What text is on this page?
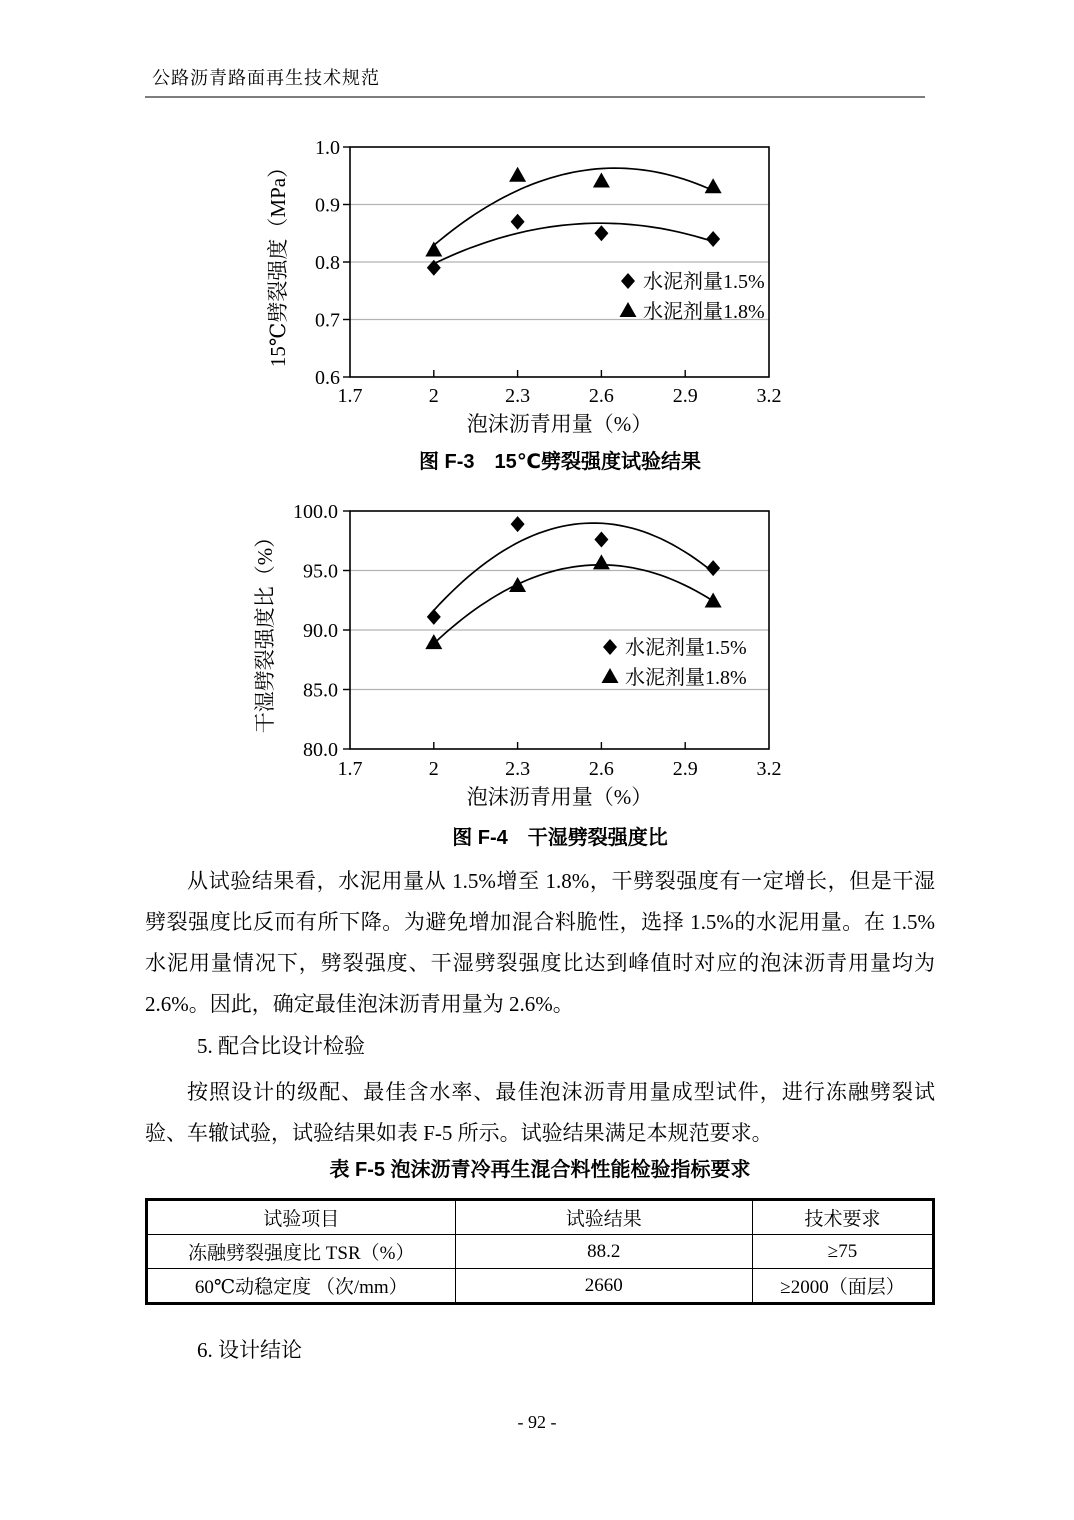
公路沥青路面再生技术规范
0.6
0.7
0.8
0.9
1.0
1.7	2	2.3	2.6	2.9	3.2
泡沫沥青用量（%）
15℃劈裂强度（MPa）	水泥剂量1.5%
水泥剂量1.8%
图 F-3　15℃劈裂强度试验结果
80.0
85.0
90.0
95.0
100.0
1.7	2	2.3	2.6	2.9	3.2
泡沫沥青用量（%）
干湿劈裂强度比（%）	水泥剂量1.5%
水泥剂量1.8%
图 F-4　干湿劈裂强度比
从试验结果看，水泥用量从 1.5%增至 1.8%，干劈裂强度有一定增长，但是干湿劈裂强度比反而有所下降。为避免增加混合料脆性，选择 1.5%的水泥用量。在 1.5%水泥用量情况下，劈裂强度、干湿劈裂强度比达到峰值时对应的泡沫沥青用量均为 2.6%。因此，确定最佳泡沫沥青用量为 2.6%。
5. 配合比设计检验
按照设计的级配、最佳含水率、最佳泡沫沥青用量成型试件，进行冻融劈裂试验、车辙试验，试验结果如表 F-5 所示。试验结果满足本规范要求。
表 F-5 泡沫沥青冷再生混合料性能检验指标要求
试验项目	试验结果	技术要求
冻融劈裂强度比 TSR（%）	88.2	≥75
60℃动稳定度 （次/mm）	2660	≥2000（面层）
6. 设计结论
- 92 -
